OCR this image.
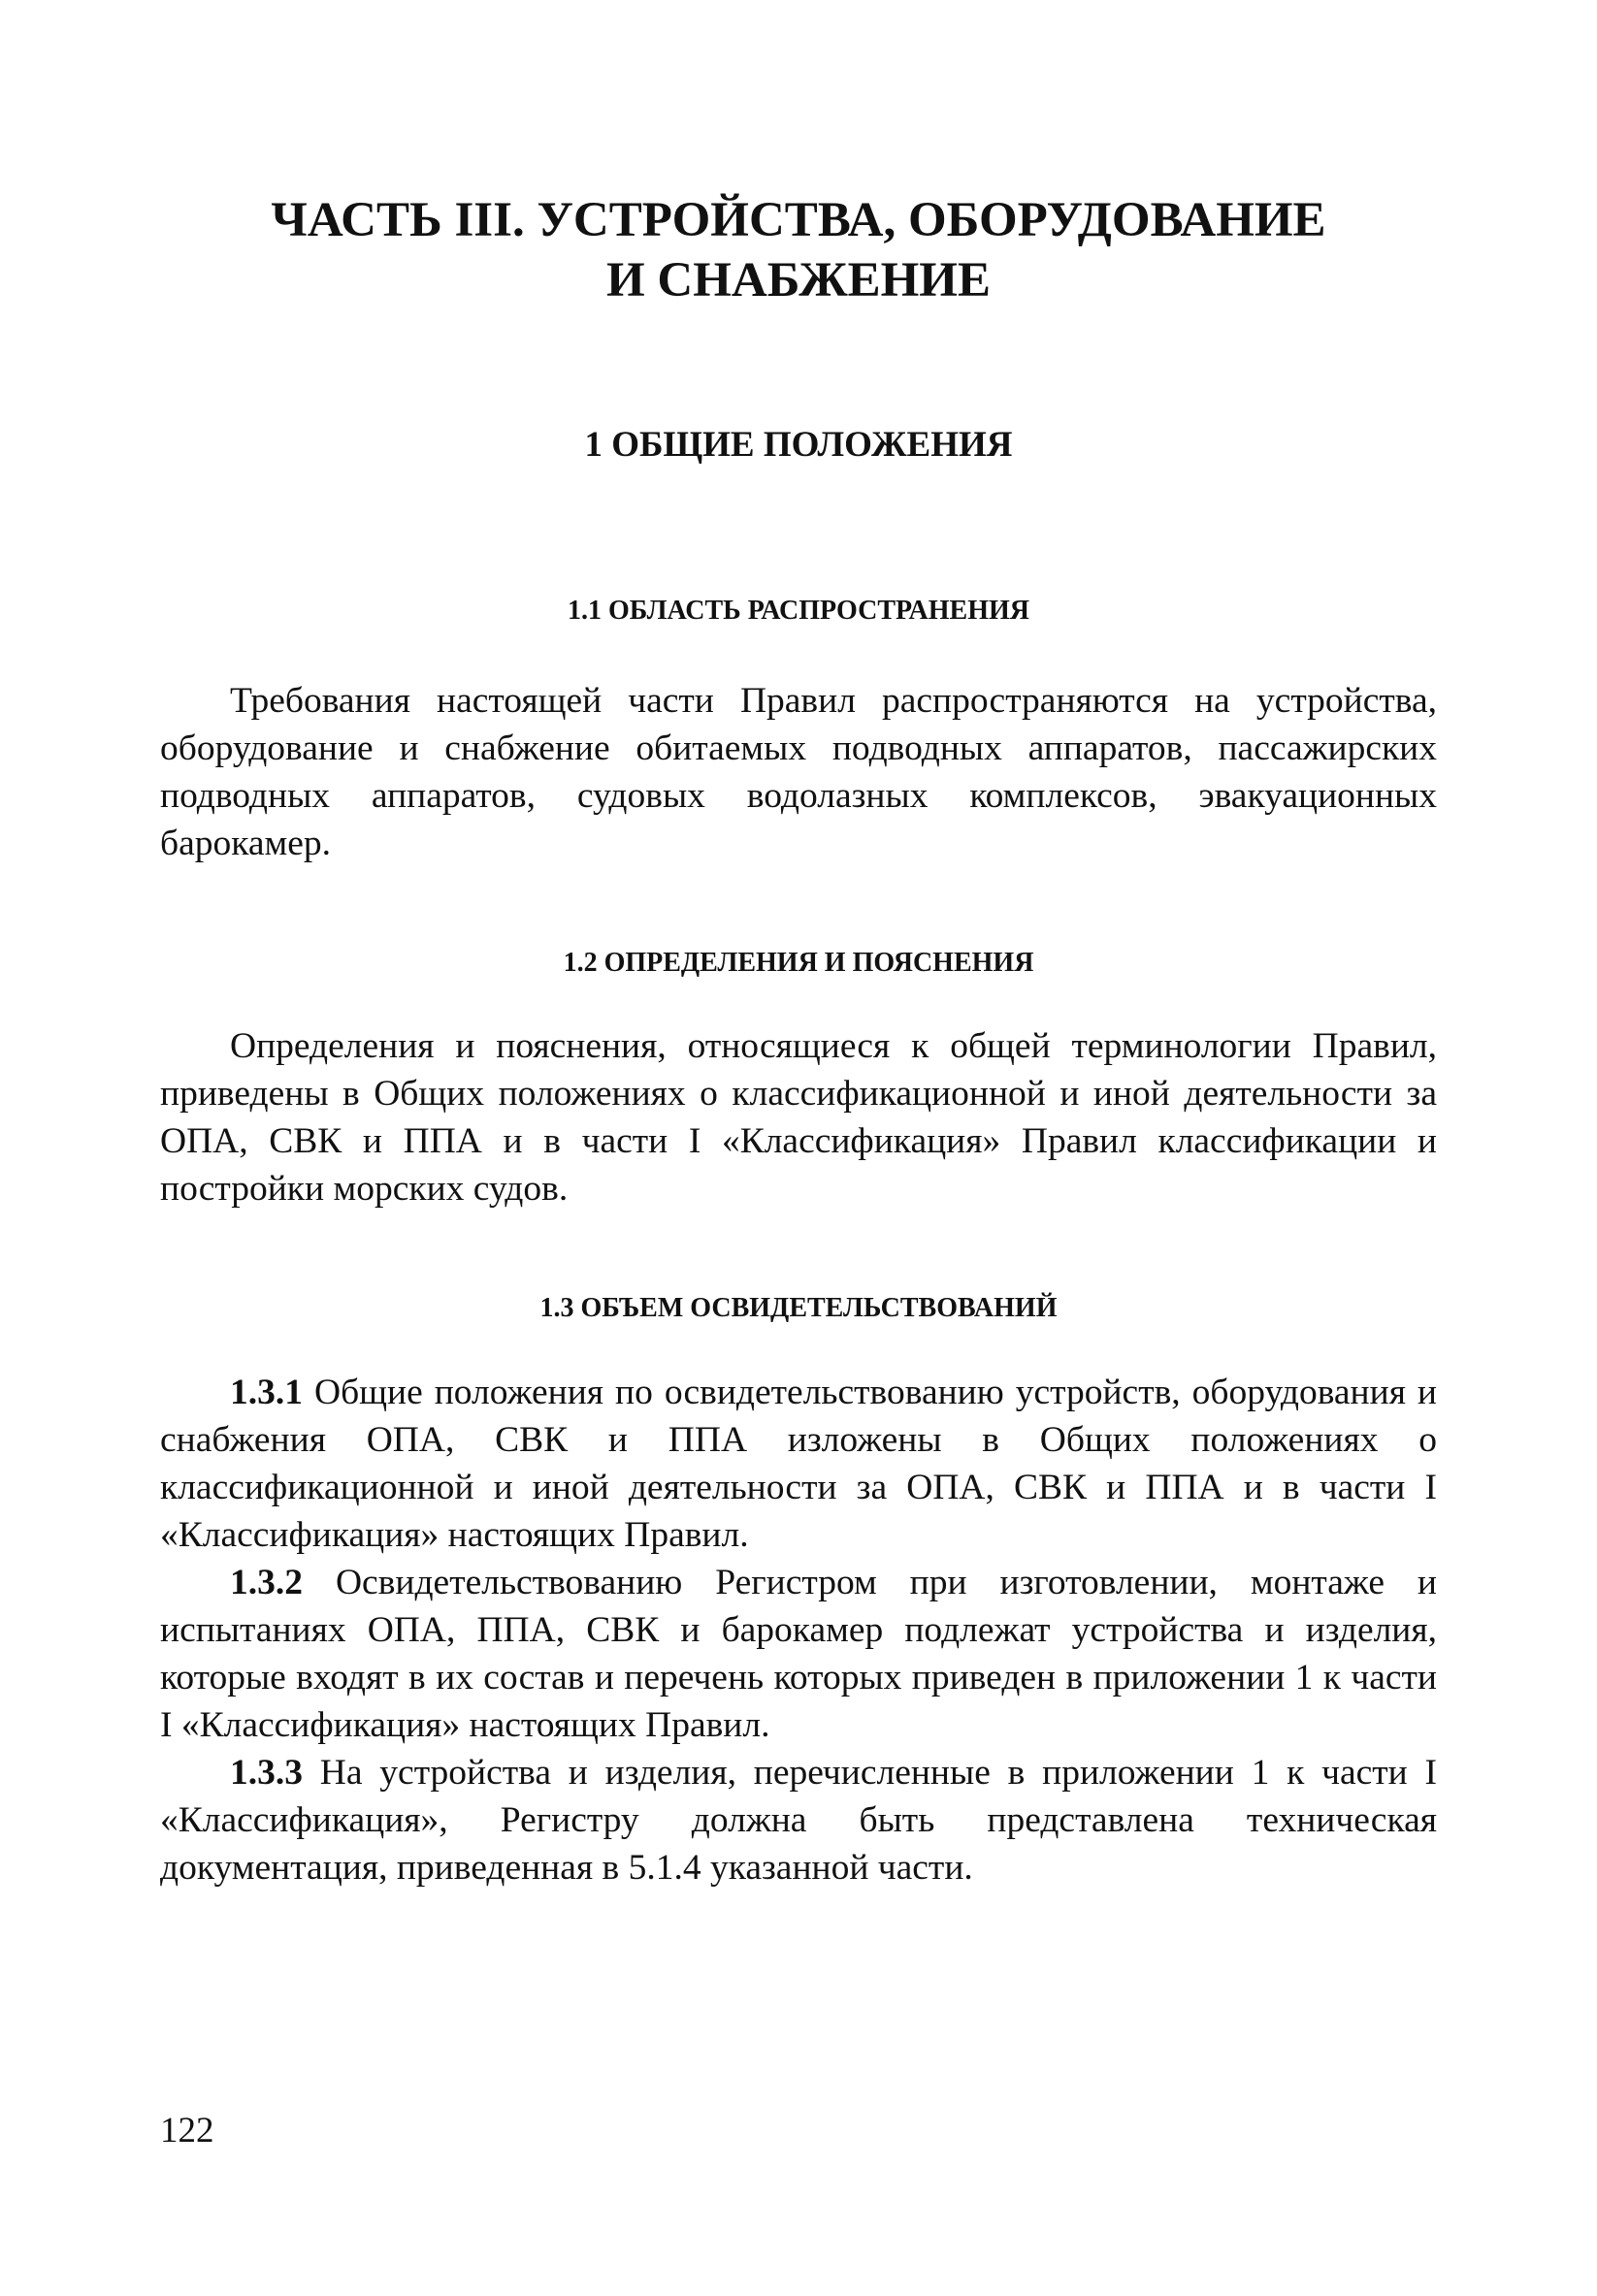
ЧАСТЬ III. УСТРОЙСТВА, ОБОРУДОВАНИЕ
И СНАБЖЕНИЕ
1 ОБЩИЕ ПОЛОЖЕНИЯ
1.1 ОБЛАСТЬ РАСПРОСТРАНЕНИЯ

Требования настоящей части Правил распространяются на устройства, оборудование и снабжение обитаемых подводных аппаратов, пассажирских подводных аппаратов, судовых водолазных комплексов, эвакуационных барокамер.

1.2 ОПРЕДЕЛЕНИЯ И ПОЯСНЕНИЯ

Определения и пояснения, относящиеся к общей терминологии Правил, приведены в Общих положениях о классификационной и иной деятельности за ОПА, СВК и ППА и в части I «Классификация» Правил классификации и постройки морских судов.

1.3 ОБЪЕМ ОСВИДЕТЕЛЬСТВОВАНИЙ

1.3.1 Общие положения по освидетельствованию устройств, оборудования и снабжения ОПА, СВК и ППА изложены в Общих положениях о классификационной и иной деятельности за ОПА, СВК и ППА и в части I «Классификация» настоящих Правил.

1.3.2 Освидетельствованию Регистром при изготовлении, монтаже и испытаниях ОПА, ППА, СВК и барокамер подлежат устройства и изделия, которые входят в их состав и перечень которых приведен в приложении 1 к части I «Классификация» настоящих Правил.

1.3.3 На устройства и изделия, перечисленные в приложении 1 к части I «Классификация», Регистру должна быть представлена техническая документация, приведенная в 5.1.4 указанной части.

122
